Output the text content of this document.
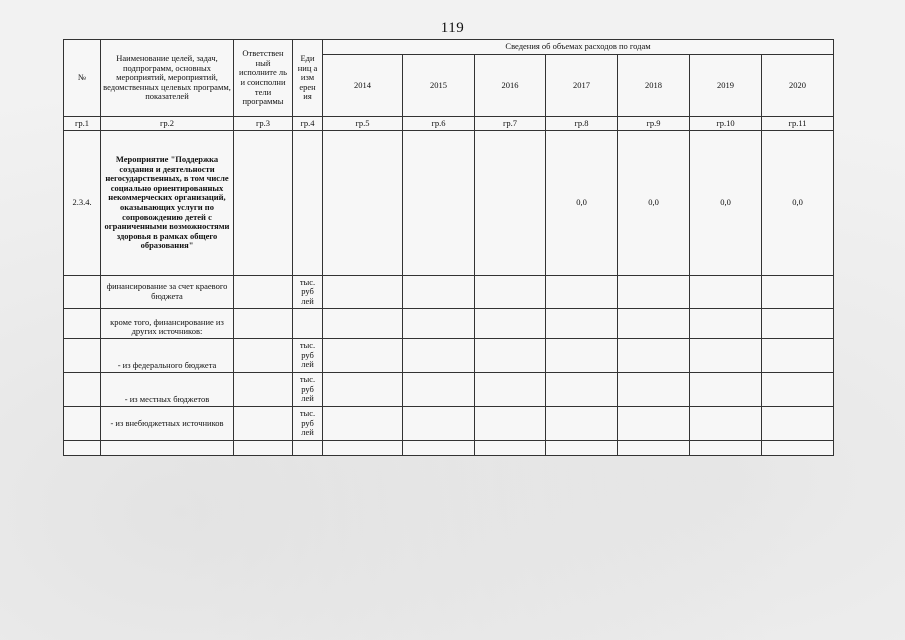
119
№	Наименование целей, задач, подпрограмм, основных мероприятий, мероприятий, ведомственных целевых программ, показателей	Ответствен ный исполните ль и соисполни тели программы	Еди ниц а изм ерен ия	Сведения об объемах расходов по годам						
				2014	2015	2016	2017	2018	2019	2020
гр.1	гр.2	гр.3	гр.4	гр.5	гр.6	гр.7	гр.8	гр.9	гр.10	гр.11
2.3.4.	Мероприятие "Поддержка создания и деятельности негосударственных, в том числе социально ориентированных некоммерческих организаций, оказывающих услуги по сопровождению детей с ограниченными возможностями здоровья в рамках общего образования"						0,0	0,0	0,0	0,0
	финансирование за счет краевого бюджета		тыс. руб лей							
	кроме того, финансирование из других источников:									
	- из федерального бюджета		тыс. руб лей							
	- из местных бюджетов		тыс. руб лей							
	- из внебюджетных источников		тыс. руб лей							
